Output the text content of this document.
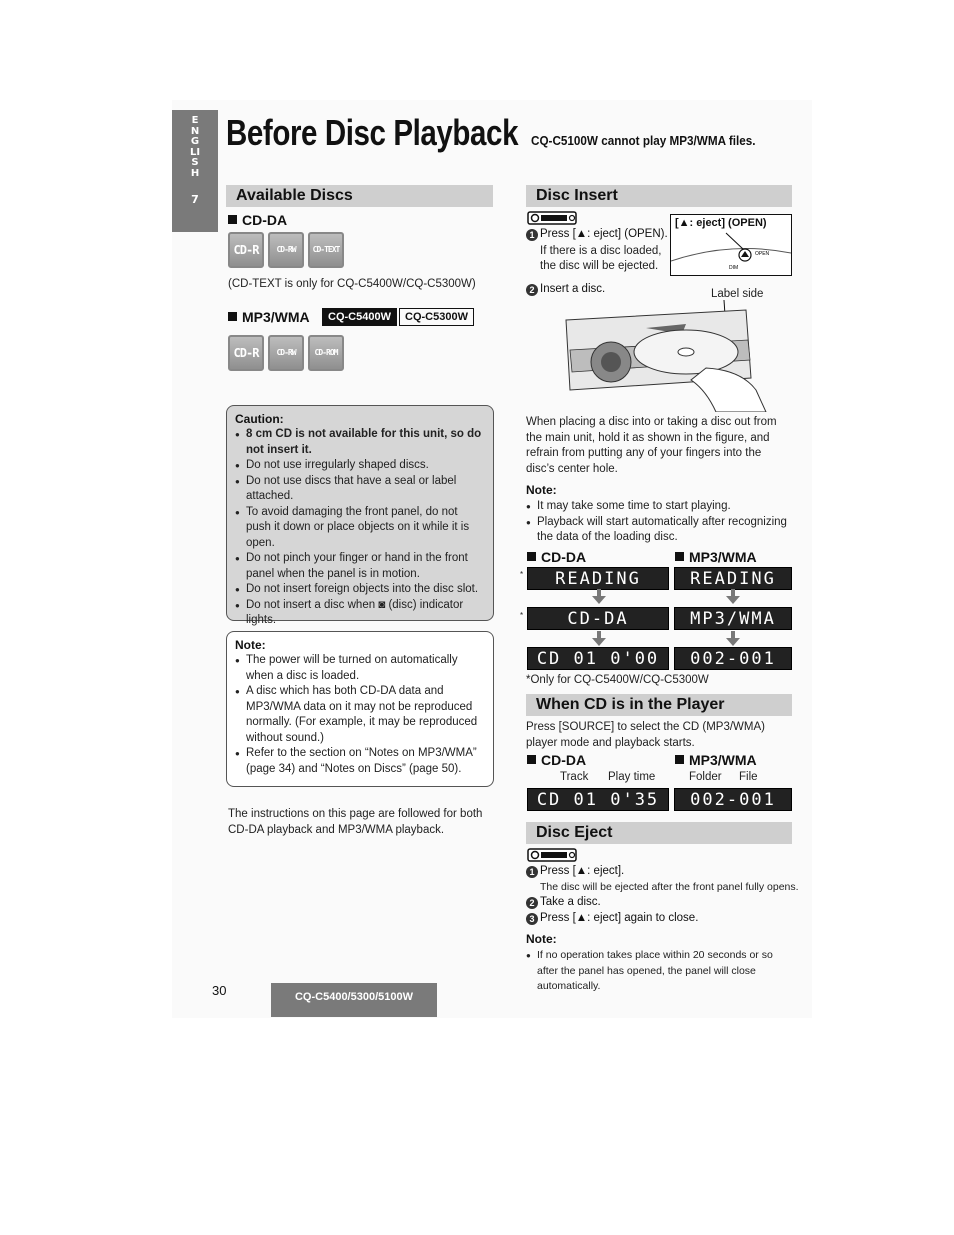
ENGLISH
7
Before Disc Playback CQ-C5100W cannot play MP3/WMA files.
Available Discs
CD-DA
CD-R	CD-RW	CD-TEXT
(CD-TEXT is only for CQ-C5400W/CQ-C5300W)
MP3/WMA	CQ-C5400W	CQ-C5300W
CD-R	CD-RW	CD-ROM
Caution:
● 8 cm CD is not available for this unit, so do not insert it.
● Do not use irregularly shaped discs.
● Do not use discs that have a seal or label attached.
● To avoid damaging the front panel, do not push it down or place objects on it while it is open.
● Do not pinch your finger or hand in the front panel when the panel is in motion.
● Do not insert foreign objects into the disc slot.
● Do not insert a disc when ◙ (disc) indicator lights.
Note:
● The power will be turned on automatically when a disc is loaded.
● A disc which has both CD-DA data and MP3/WMA data on it may not be reproduced normally. (For example, it may be reproduced without sound.)
● Refer to the section on “Notes on MP3/WMA” (page 34) and “Notes on Discs” (page 50).
The instructions on this page are followed for both CD-DA playback and MP3/WMA playback.
Disc Insert
1 Press [▲: eject] (OPEN).
If there is a disc loaded,
the disc will be ejected.
2 Insert a disc.
[▲: eject] (OPEN)
OPEN
DIM
Label side
When placing a disc into or taking a disc out from the main unit, hold it as shown in the figure, and refrain from putting any of your fingers into the disc’s center hole.
Note:
● It may take some time to start playing.
● Playback will start automatically after recognizing the data of the loading disc.
CD-DA	MP3/WMA
*	READING	READING
*	CD-DA	MP3/WMA
CD 01 0'00	002-001
*Only for CQ-C5400W/CQ-C5300W
When CD is in the Player
Press [SOURCE] to select the CD (MP3/WMA) player mode and playback starts.
CD-DA	MP3/WMA
Track Play time	Folder File
CD 01 0'35	002-001
Disc Eject
1 Press [▲: eject].
The disc will be ejected after the front panel fully opens.
2 Take a disc.
3 Press [▲: eject] again to close.
Note:
● If no operation takes place within 20 seconds or so after the panel has opened, the panel will close automatically.
30	CQ-C5400/5300/5100W
